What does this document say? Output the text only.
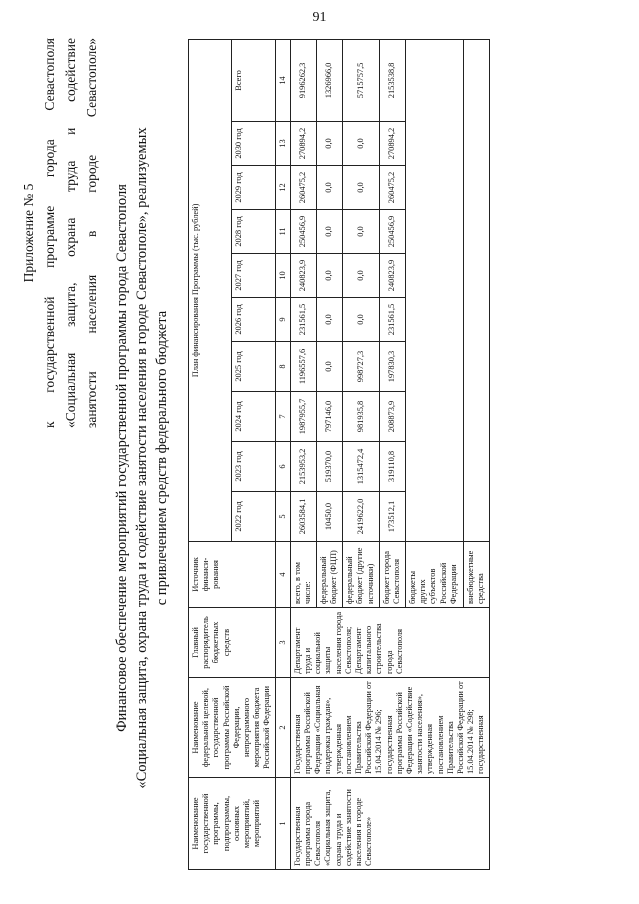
91
Приложение № 5 к государственной программе города Севастополя «Социальная защита, охрана труда и содействие занятости населения в городе Севастополе» Финансовое обеспечение мероприятий государственной программы города Севастополя «Социальная защита, охрана труда и содействие занятости населения в городе Севастополе», реализуемых с привлечением средств федерального бюджета
Наименование государственной программы, подпрограммы, основных мероприятий, мероприятий	Наименование федеральной целевой, государственной программы Российской Федерации, непрограммного мероприятия бюджета Российской Федерации	Главный распорядитель бюджетных средств	Источник финанси-рования	План финансирования Программы (тыс. рублей)									
				2022 год	2023 год	2024 год	2025 год	2026 год	2027 год	2028 год	2029 год	2030 год	Всего
1	2	3	4	5	6	7	8	9	10	11	12	13	14
Государственная программа города Севастополя «Социальная защита, охрана труда и содействие занятости населения в городе Севастополе»	Государственная программа Российской Федерации «Социальная поддержка граждан», утвержденная постановлением Правительства Российской Федерации от 15.04.2014 № 296; государственная программа Российской Федерации «Содействие занятости населения», утвержденная постановлением Правительства Российской Федерации от 15.04.2014 № 298; государственная	Департамент труда и социальной защиты населения города Севастополя; Департамент капитального строительства города Севастополя	всего, в том числе:	2603584,1	2153953,2	1987955,7	1196557,6	231561,5	240823,9	250456,9	260475,2	270894,2	9196262,3
			федеральный бюджет (ФЦП)	10450,0	519370,0	797146,0	0,0	0,0	0,0	0,0	0,0	0,0	1326966,0
			федеральный бюджет (другие источники)	2419622,0	1315472,4	981935,8	998727,3	0,0	0,0	0,0	0,0	0,0	5715757,5
			бюджет города Севастополя	173512,1	319110,8	208873,9	197830,3	231561,5	240823,9	250456,9	260475,2	270894,2	2153538,8
			бюджеты других субъектов Российской Федерации										
			внебюджетные средства										
